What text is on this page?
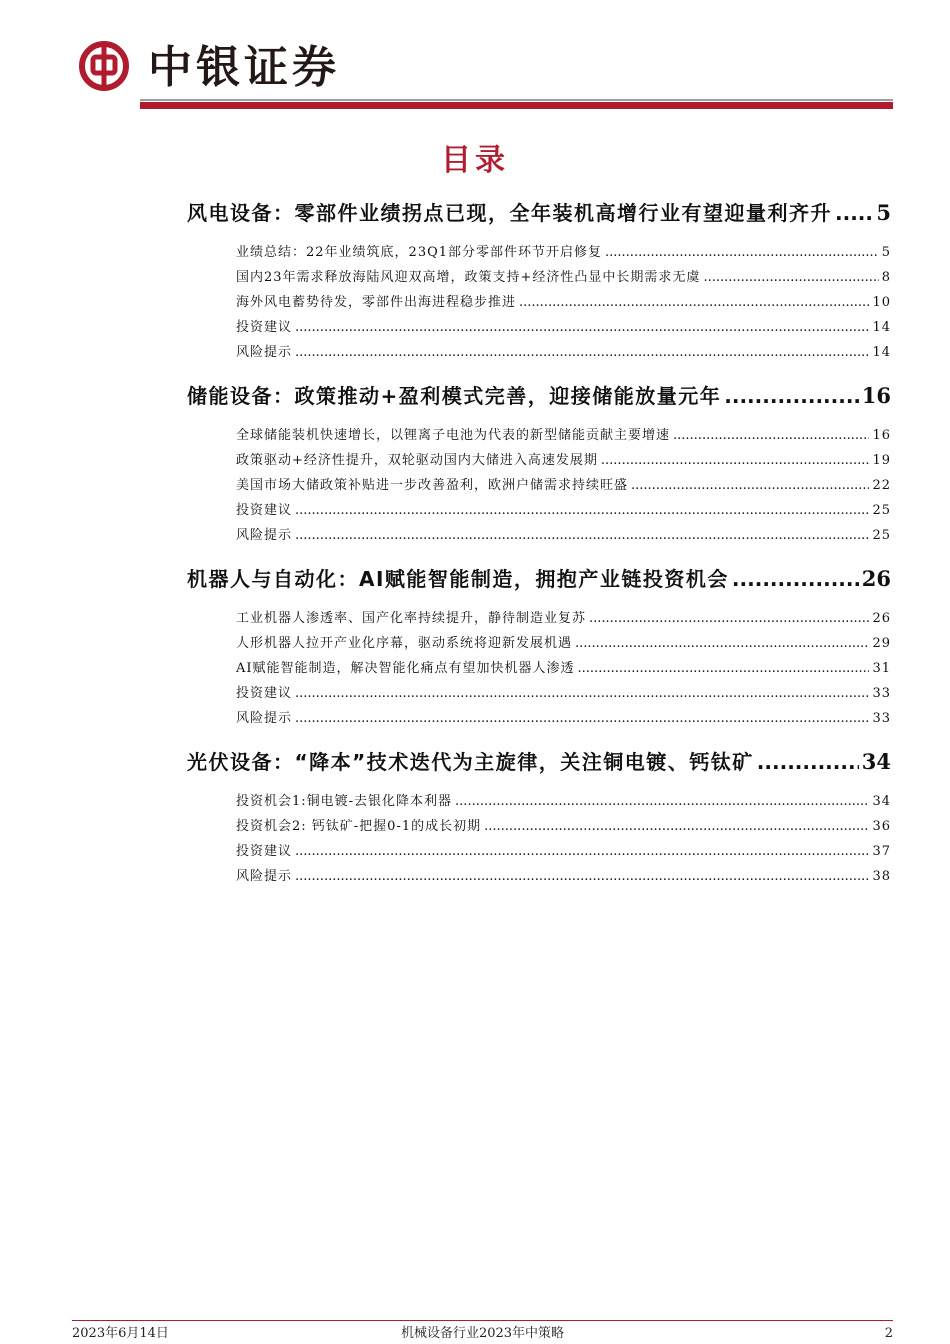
中银证券
目录
风电设备：零部件业绩拐点已现，全年装机高增行业有望迎量利齐升 ..... 5
业绩总结：22年业绩筑底，23Q1部分零部件环节开启修复 .....	5
国内23年需求释放海陆风迎双高增，政策支持+经济性凸显中长期需求无虞 .....	8
海外风电蓄势待发，零部件出海进程稳步推进 .....	10
投资建议 .....	14
风险提示 .....	14
储能设备：政策推动+盈利模式完善，迎接储能放量元年 .....	16
全球储能装机快速增长，以锂离子电池为代表的新型储能贡献主要增速 .....	16
政策驱动+经济性提升，双轮驱动国内大储进入高速发展期 .....	19
美国市场大储政策补贴进一步改善盈利，欧洲户储需求持续旺盛 .....	22
投资建议 .....	25
风险提示 .....	25
机器人与自动化：AI赋能智能制造，拥抱产业链投资机会 .....	26
工业机器人渗透率、国产化率持续提升，静待制造业复苏 .....	26
人形机器人拉开产业化序幕，驱动系统将迎新发展机遇 .....	29
AI赋能智能制造，解决智能化痛点有望加快机器人渗透 .....	31
投资建议 .....	33
风险提示 .....	33
光伏设备：“降本”技术迭代为主旋律，关注铜电镀、钙钛矿 .....	34
投资机会1:铜电镀-去银化降本利器 .....	34
投资机会2: 钙钛矿-把握0-1的成长初期 .....	36
投资建议 .....	37
风险提示 .....	38
2023年6月14日	机械设备行业2023年中策略	2
